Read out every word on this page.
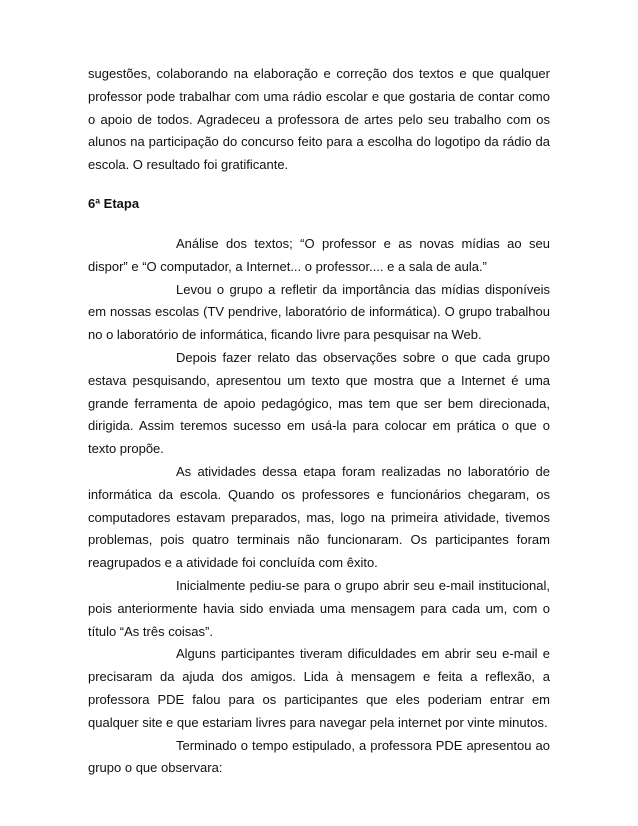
sugestões, colaborando na elaboração e correção dos textos e que qualquer professor pode trabalhar com uma rádio escolar e que gostaria de contar como o apoio de todos. Agradeceu a professora de artes pelo seu trabalho com os alunos na participação do concurso feito para a escolha do logotipo da rádio da escola. O resultado foi gratificante.

6ª Etapa

Análise dos textos; “O professor e as novas mídias ao seu dispor” e “O computador, a Internet... o professor.... e a sala de aula.”

Levou o grupo a refletir da importância das mídias disponíveis em nossas escolas (TV pendrive, laboratório de informática). O grupo trabalhou no o laboratório de informática, ficando livre para pesquisar na Web.

Depois fazer relato das observações sobre o que cada grupo estava pesquisando, apresentou um texto que mostra que a Internet é uma grande ferramenta de apoio pedagógico, mas tem que ser bem direcionada, dirigida. Assim teremos sucesso em usá-la para colocar em prática o que o texto propõe.

As atividades dessa etapa foram realizadas no laboratório de informática da escola. Quando os professores e funcionários chegaram, os computadores estavam preparados, mas, logo na primeira atividade, tivemos problemas, pois quatro terminais não funcionaram. Os participantes foram reagrupados e a atividade foi concluída com êxito.

Inicialmente pediu-se para o grupo abrir seu e-mail institucional, pois anteriormente havia sido enviada uma mensagem para cada um, com o título “As três coisas”.

Alguns participantes tiveram dificuldades em abrir seu e-mail e precisaram da ajuda dos amigos. Lida à mensagem e feita a reflexão, a professora PDE falou para os participantes que eles poderiam entrar em qualquer site e que estariam livres para navegar pela internet por vinte minutos.

Terminado o tempo estipulado, a professora PDE apresentou ao grupo o que observara:
